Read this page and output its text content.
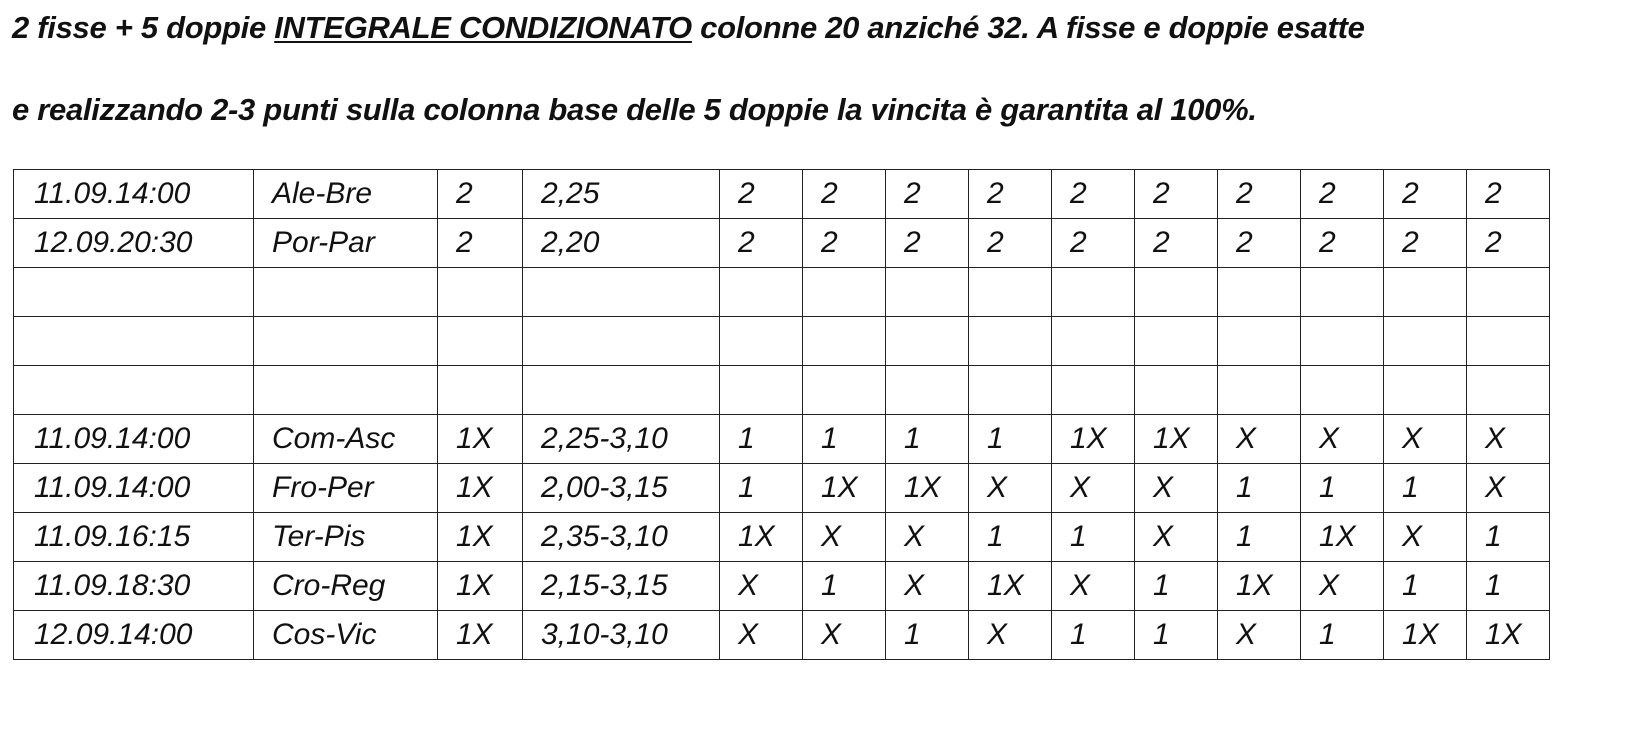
2 fisse + 5 doppie INTEGRALE CONDIZIONATO colonne 20 anziché 32. A fisse e doppie esatte
e realizzando 2-3 punti sulla colonna base delle 5 doppie la vincita è garantita al 100%.
11.09.14:00	Ale-Bre	2	2,25	2	2	2	2	2	2	2	2	2	2
12.09.20:30	Por-Par	2	2,20	2	2	2	2	2	2	2	2	2	2

11.09.14:00	Com-Asc	1X	2,25-3,10	1	1	1	1	1X	1X	X	X	X	X
11.09.14:00	Fro-Per	1X	2,00-3,15	1	1X	1X	X	X	X	1	1	1	X
11.09.16:15	Ter-Pis	1X	2,35-3,10	1X	X	X	1	1	X	1	1X	X	1
11.09.18:30	Cro-Reg	1X	2,15-3,15	X	1	X	1X	X	1	1X	X	1	1
12.09.14:00	Cos-Vic	1X	3,10-3,10	X	X	1	X	1	1	X	1	1X	1X
